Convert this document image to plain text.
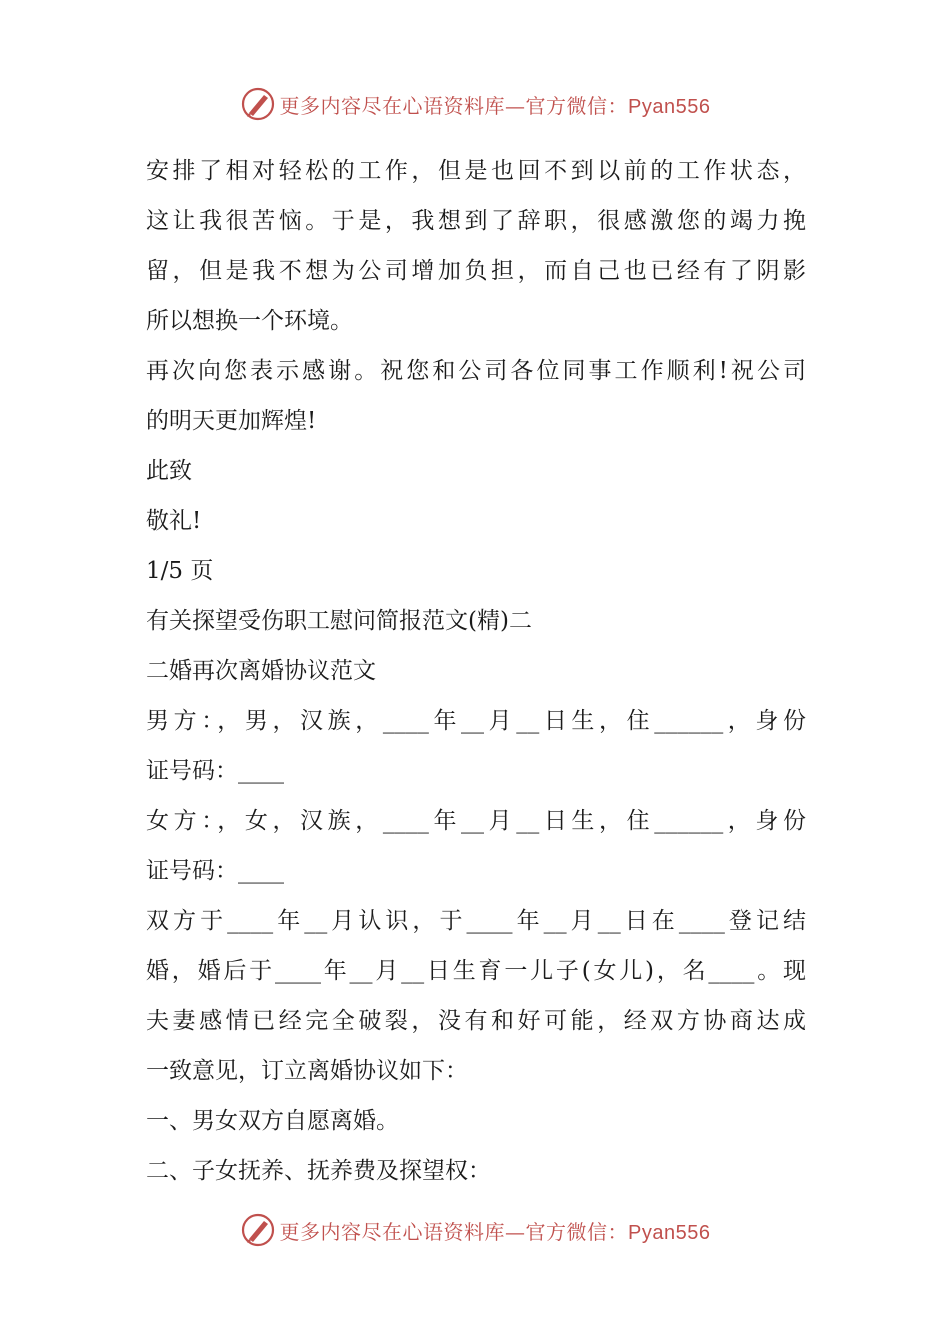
更多内容尽在心语资料库—官方微信：Pyan556
安排了相对轻松的工作，但是也回不到以前的工作状态，
这让我很苦恼。于是，我想到了辞职，很感激您的竭力挽
留，但是我不想为公司增加负担，而自己也已经有了阴影
所以想换一个环境。
再次向您表示感谢。祝您和公司各位同事工作顺利!祝公司
的明天更加辉煌!
此致
敬礼!
1/5 页
有关探望受伤职工慰问简报范文(精)二
二婚再次离婚协议范文
男方：，男，汉族，____年__月__日生，住______，身份
证号码：____
女方：，女，汉族，____年__月__日生，住______，身份
证号码：____
双方于____年__月认识，于____年__月__日在____登记结
婚，婚后于____年__月__日生育一儿子(女儿)，名____。现
夫妻感情已经完全破裂，没有和好可能，经双方协商达成
一致意见，订立离婚协议如下：
一、男女双方自愿离婚。
二、子女抚养、抚养费及探望权：
更多内容尽在心语资料库—官方微信：Pyan556
